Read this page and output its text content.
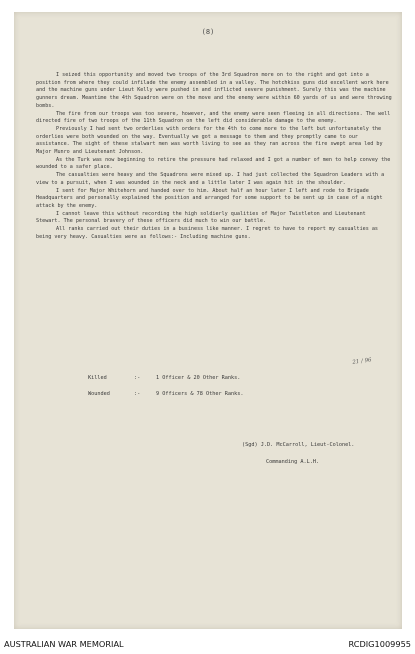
(8)

I seized this opportunity and moved two troops of the 3rd Squadron more on to the right and got into a position from where they could infilade the enemy assembled in a valley. The hotchkiss guns did excellent work here and the machine guns under Lieut Kelly were pushed in and inflicted severe punishment. Surely this was the machine gunners dream. Meantime the 4th Squadron were on the move and the enemy were within 60 yards of us and were throwing bombs.

The fire from our troops was too severe, however, and the enemy were seen fleeing in all directions. The well directed fire of two troops of the 11th Squadron on the left did considerable damage to the enemy.

Previously I had sent two orderlies with orders for the 4th to come more to the left but unfortunately the orderlies were both wounded on the way. Eventually we got a message to them and they promptly came to our assistance. The sight of these stalwart men was worth living to see as they ran across the fire swept area led by Major Munro and Lieutenant Johnson.

As the Turk was now beginning to retire the pressure had relaxed and I got a number of men to help convey the wounded to a safer place.

The casualties were heavy and the Squadrons were mixed up. I had just collected the Squadron Leaders with a view to a pursuit, when I was wounded in the neck and a little later I was again hit in the shoulder.

I sent for Major Whitehorn and handed over to him. About half an hour later I left and rode to Brigade Headquarters and personally explained the position and arranged for some support to be sent up in case of a night attack by the enemy.

I cannot leave this without recording the high soldierly qualities of Major Twistleton and Lieutenant Stewart. The personal bravery of these officers did much to win our battle.

All ranks carried out their duties in a business like manner. I regret to have to report my casualties as being very heavy. Casualties were as follows:- Including machine guns.

Killed	:-	1 Officer & 20 Other Ranks.
Wounded	:-	9 Officers & 78 Other Ranks.
21 / 96
(Sgd) J.D. McCarroll, Lieut-Colonel.
Commanding A.L.H.
AUSTRALIAN WAR MEMORIAL	RCDIG1009955
